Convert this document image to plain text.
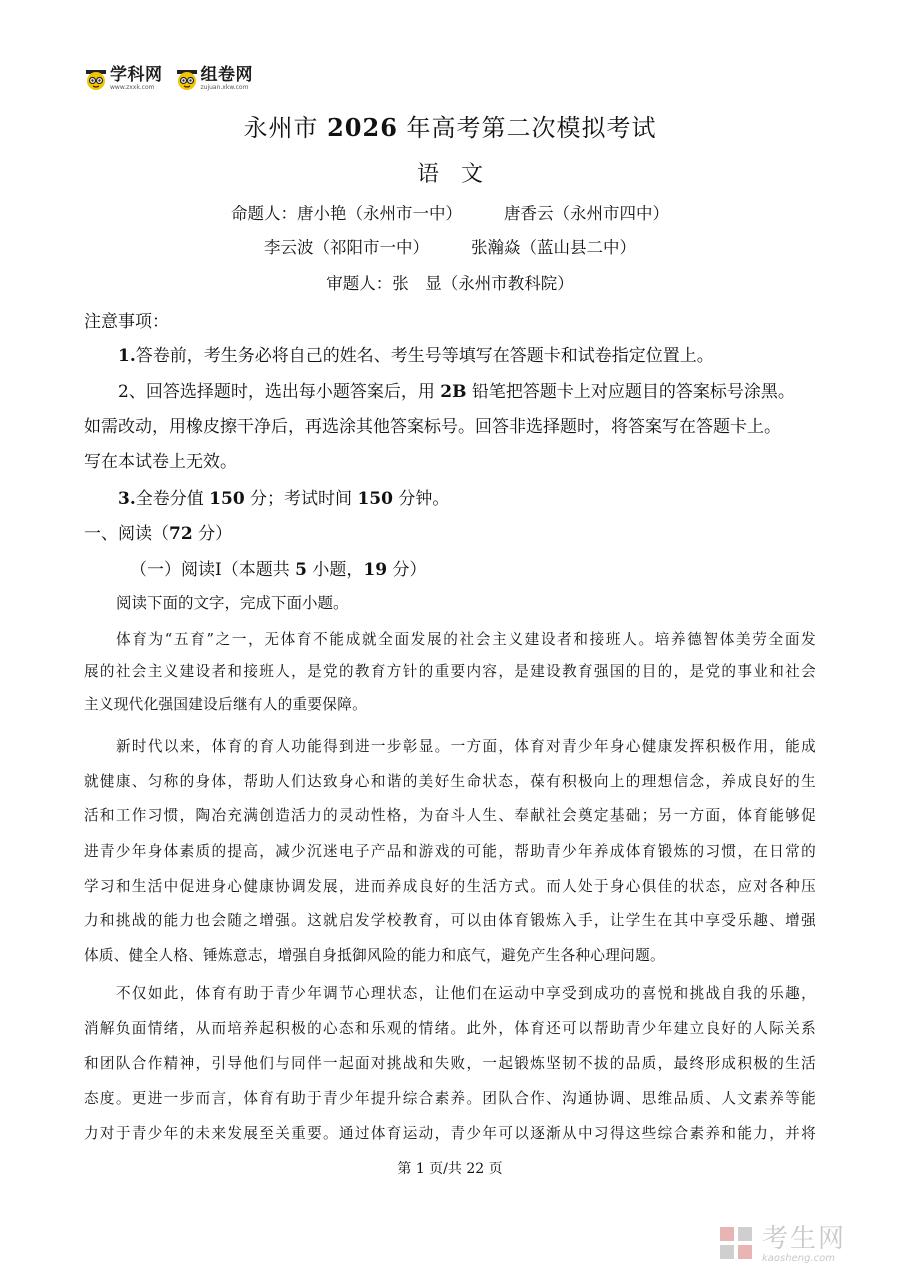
学科网
www.zxxk.com
组卷网
zujuan.xkw.com
永州市 2026 年高考第二次模拟考试
语文
命题人：唐小艳（永州市一中）	唐香云（永州市四中）
李云波（祁阳市一中）	张瀚焱（蓝山县二中）
审题人：张　显（永州市教科院）
注意事项：
1.答卷前，考生务必将自己的姓名、考生号等填写在答题卡和试卷指定位置上。
2、回答选择题时，选出每小题答案后，用 2B 铅笔把答题卡上对应题目的答案标号涂黑。
如需改动，用橡皮擦干净后，再选涂其他答案标号。回答非选择题时，将答案写在答题卡上。
写在本试卷上无效。
3.全卷分值 150 分；考试时间 150 分钟。
一、阅读（72 分）
（一）阅读Ⅰ（本题共 5 小题，19 分）
阅读下面的文字，完成下面小题。
体育为“五育”之一，无体育不能成就全面发展的社会主义建设者和接班人。培养德智体美劳全面发
展的社会主义建设者和接班人，是党的教育方针的重要内容，是建设教育强国的目的，是党的事业和社会
主义现代化强国建设后继有人的重要保障。
新时代以来，体育的育人功能得到进一步彰显。一方面，体育对青少年身心健康发挥积极作用，能成
就健康、匀称的身体，帮助人们达致身心和谐的美好生命状态，葆有积极向上的理想信念，养成良好的生
活和工作习惯，陶冶充满创造活力的灵动性格，为奋斗人生、奉献社会奠定基础；另一方面，体育能够促
进青少年身体素质的提高，减少沉迷电子产品和游戏的可能，帮助青少年养成体育锻炼的习惯，在日常的
学习和生活中促进身心健康协调发展，进而养成良好的生活方式。而人处于身心俱佳的状态，应对各种压
力和挑战的能力也会随之增强。这就启发学校教育，可以由体育锻炼入手，让学生在其中享受乐趣、增强
体质、健全人格、锤炼意志，增强自身抵御风险的能力和底气，避免产生各种心理问题。
不仅如此，体育有助于青少年调节心理状态，让他们在运动中享受到成功的喜悦和挑战自我的乐趣，
消解负面情绪，从而培养起积极的心态和乐观的情绪。此外，体育还可以帮助青少年建立良好的人际关系
和团队合作精神，引导他们与同伴一起面对挑战和失败，一起锻炼坚韧不拔的品质，最终形成积极的生活
态度。更进一步而言，体育有助于青少年提升综合素养。团队合作、沟通协调、思维品质、人文素养等能
力对于青少年的未来发展至关重要。通过体育运动，青少年可以逐渐从中习得这些综合素养和能力，并将
第 1 页/共 22 页
考生网
kaosheng.com
